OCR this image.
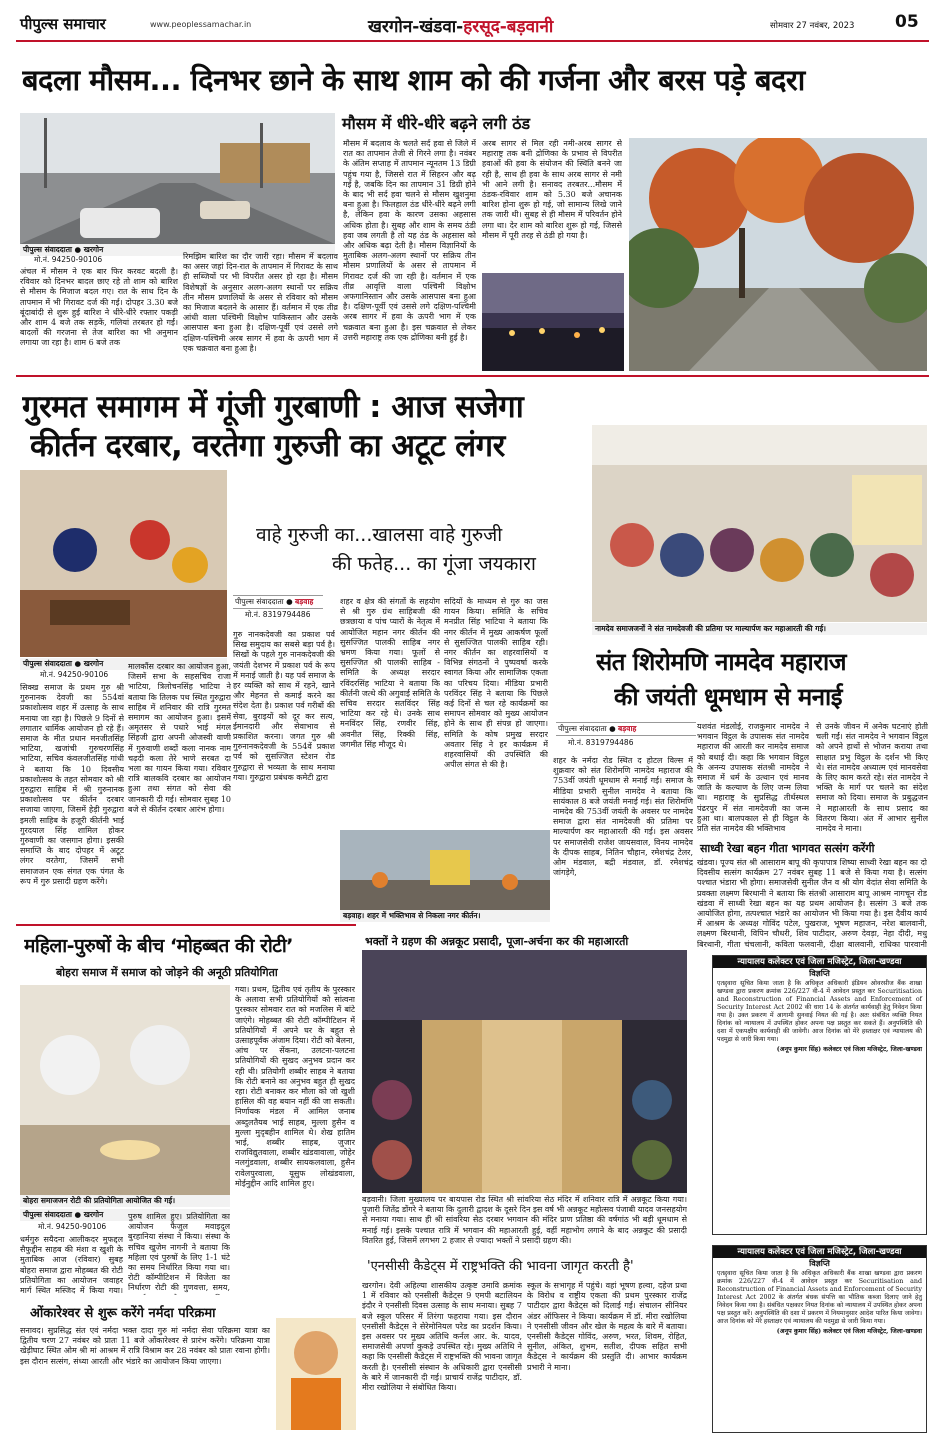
पीपुल्स समाचार	www.peoplessamachar.in	खरगोन-खंडवा-हरसूद-बड़वानी	सोमवार 27 नवंबर, 2023 05
बदला मौसम... दिनभर छाने के साथ शाम को की गर्जना और बरस पड़े बदरा
मौसम में धीरे-धीरे बढ़ने लगी ठंड
पीपुल्स संवाददाता ● खरगोन
मो.नं. 94250-90106
अंचल में मौसम ने एक बार फिर करवट बदली है। रविवार को दिनभर बादल छाए रहे तो शाम को बारिश से मौसम के मिजाज बदल गए। रात के साथ दिन के तापमान में भी गिरावट दर्ज की गई। दोपहर 3.30 बजे बूंदाबांदी से शुरू हुई बारिश ने धीरे-धीरे रफ्तार पकड़ी और शाम 4 बजे तक सड़कें, गलियां तरबतर हो गईं। बादलों की गरजना से तेज बारिश का भी अनुमान लगाया जा रहा है। शाम 6 बजे तक
रिमझिम बारिश का दौर जारी रहा। मौसम में बदलाव का असर जहां दिन-रात के तापमान में गिरावट के साथ ही सब्जियों पर भी विपरीत असर हो रहा है। मौसम विशेषज्ञों के अनुसार अलग-अलग स्थानों पर सक्रिय तीन मौसम प्रणालियों के असर से रविवार को मौसम का मिजाज बदलने के आसार हैं। वर्तमान में एक तीव्र आंधी वाला पश्चिमी विक्षोभ पाकिस्तान और उसके आसपास बना हुआ है। दक्षिण-पूर्वी एवं उससे लगे दक्षिण-पश्चिमी अरब सागर में हवा के ऊपरी भाग में एक चक्रवात बना हुआ है।
मौसम में बदलाव के चलते सर्द हवा से जिले में रात का तापमान तेजी से गिरने लगा है। नवंबर के अंतिम सप्ताह में तापमान न्यूनतम 13 डिग्री पहुंच गया है, जिससे रात में सिहरन और बढ़ गई है, जबकि दिन का तापमान 31 डिग्री होने के बाद भी सर्द हवा चलने से मौसम खुशनुमा बना हुआ है। फिलहाल ठंड धीरे-धीरे बढ़ने लगी है, लेकिन हवा के कारण उसका अहसास अधिक होता है। सुबह और शाम के समय ठंडी हवा जब लगती है तो यह ठंड के अहसास को और अधिक बढ़ा देती है। मौसम विज्ञानियों के मुताबिक अलग-अलग स्थानों पर सक्रिय तीन मौसम प्रणालियों के असर से तापमान में गिरावट दर्ज की जा रही है। वर्तमान में एक तीव्र आवृत्ति वाला पश्चिमी विक्षोभ अफगानिस्तान और उसके आसपास बना हुआ है। दक्षिण-पूर्वी एवं उससे लगे दक्षिण-पश्चिमी अरब सागर में हवा के ऊपरी भाग में एक चक्रवात बना हुआ है। इस चक्रवात से लेकर उत्तरी महाराष्ट्र तक एक द्रोणिका बनी हुई है।
अरब सागर से मिल रही नमी-अरब सागर से महाराष्ट्र तक बनी द्रोणिका के प्रभाव से विपरीत हवाओं की हवा के संयोजन की स्थिति बनने जा रही है, साथ ही हवा के साथ अरब सागर से नमी भी आने लगी है। सनावद तरबतर...मौसम में ठंडक-रविवार शाम को 5.30 बजे अचानक बारिश होना शुरू हो गई, जो सामान्य लिखे जाने तक जारी थी। सुबह से ही मौसम में परिवर्तन होने लगा था। देर शाम को बारिश शुरू हो गई, जिससे मौसम में पूरी तरह से ठंडी हो गया है।
गुरमत समागम में गूंजी गुरबाणी : आज सजेगा
कीर्तन दरबार, वरतेगा गुरुजी का अटूट लंगर
पीपुल्स संवाददाता ● खरगोन
मो.नं. 94250-90106
वाहे गुरुजी का...खालसा वाहे गुरुजी
की फतेह... का गूंजा जयकारा
पीपुल्स संवाददाता ● बड़वाह
मो.नं. 8319794486
सिक्ख समाज के प्रथम गुरु श्री गुरुनानक देवजी का 554वां प्रकाशोत्सव शहर में उत्साह के साथ मनाया जा रहा है। पिछले 9 दिनों से लगातार धार्मिक आयोजन हो रहे हैं। समाज के मीत प्रधान मनजीतसिंह भाटिया, खजांची गुरुचरणसिंह भाटिया, सचिव कंवलजीतसिंह गांधी ने बताया कि 10 दिवसीय प्रकाशोत्सव के तहत सोमवार को श्री गुरुद्वारा साहिब में श्री गुरुनानक प्रकाशोत्सव पर कीर्तन दरबार सजाया जाएगा, जिसमें हेड़ी गुरुद्वारा इमली साहिब के हजूरी कीर्तनी भाई गुरदयाल सिंह शामिल होकर गुरुवाणी का जसगान होगा। इसकी समाप्ति के बाद दोपहर में अटूट लंगर वरतेगा, जिसमें सभी समाजजन एक संगत एक पंगत के रूप में गुरु प्रसादी ग्रहण करेंगे।
मालकौंस दरबार का आयोजन हुआ, जिसमें सभा के सहसचिव राजा भाटिया, त्रिलोचनसिंह भाटिया ने बताया कि तिलक पथ स्थित गुरुद्वारा साहिब में शनिवार की रात्रि गुरमत समागम का आयोजन हुआ। इसमें अमृतसर से पधारे भाई मंगल सिंहजी द्वारा अपनी ओजस्वी वाणी में गुरुवाणी शब्दों कला नानक नाम चढ़दी कला तेरे भाणे सरबत दा भला का गायन किया गया। रविवार रात्रि बालकवि दरबार का आयोजन हुआ तथा संगत को सेवा की जानकारी दी गई। सोमवार सुबह 10 बजे से कीर्तन दरबार आरंभ होगा।
गुरु नानकदेवजी का प्रकाश पर्व सिख समुदाय का सबसे बड़ा पर्व है। सिखों के पहले गुरु नानकदेवजी की जयंती देशभर में प्रकाश पर्व के रूप में मनाई जाती है। यह पर्व समाज के हर व्यक्ति को साथ में रहने, खाने और मेहनत से कमाई करने का संदेश देता है। प्रकाश पर्व गरीबों की सेवा, बुराइयों को दूर कर सत्य, ईमानदारी और सेवाभाव से प्रकाशित करना। जगत गुरु श्री गुरुनानकदेवजी के 554वें प्रकाश पर्व को सुसज्जित स्टेशन रोड गुरुद्वारा से भव्यता के साथ मनाया गया। गुरुद्वारा प्रबंधक कमेटी द्वारा
शहर व क्षेत्र की संगतों के सहयोग से श्री गुरु ग्रंथ साहिबजी की छत्रछाया व पांच प्यारों के नेतृत्व में आयोजित महान नगर कीर्तन की सुसज्जित पालकी साहिब नगर भ्रमण किया गया। फूलों से सुसज्जित श्री पालकी साहिब - समिति के अध्यक्ष सरदार रविंदरसिंह भाटिया ने बताया कि कीर्तनी जत्थे की अगुवाई समिति के सचिव सरदार सतविंदर सिंह भाटिया कर रहे थे। उनके साथ मनविंदर सिंह, रणवीर सिंह, अवनीत सिंह, रिक्की सिंह, जगमीत सिंह मौजूद थे।
सदियों के माध्यम से गुरु का जस गायन किया। समिति के सचिव मनप्रीत सिंह भाटिया ने बताया कि नगर कीर्तन में मुख्य आकर्षण फूलों से सुसज्जित पालकी साहिब रही। नगर कीर्तन का शहरवासियों व विभिन्न संगठनों ने पुष्पवर्षा करके स्वागत किया और सामाजिक एकता का परिचय दिया। मीडिया प्रभारी परविंदर सिंह ने बताया कि पिछले कई दिनों से चल रहे कार्यक्रमों का समापन सोमवार को मुख्य आयोजन होने के साथ ही संपन्न हो जाएगा। समिति के कोष प्रमुख सरदार अवतार सिंह ने हर कार्यक्रम में शहरवासियों की उपस्थिति की अपील संगत से की है।
बड़वाह। शहर में भक्तिभाव से निकला नगर कीर्तन।
नामदेव समाजजनों ने संत नामदेवजी की प्रतिमा पर माल्यार्पण कर महाआरती की गई।
संत शिरोमणि नामदेव महाराज
की जयंती धूमधाम से मनाई
पीपुल्स संवाददाता ● बड़वाह
मो.नं. 8319794486
शहर के नर्मदा रोड स्थित द होटल विल्स में शुक्रवार को संत शिरोमणि नामदेव महाराज की 753वीं जयंती धूमधाम से मनाई गई। समाज के मीडिया प्रभारी सुनील नामदेव ने बताया कि सायंकाल 8 बजे जयंती मनाई गई। संत शिरोमणि नामदेव की 753वीं जयंती के अवसर पर नामदेव समाज द्वारा संत नामदेवजी की प्रतिमा पर माल्यार्पण कर महाआरती की गई। इस अवसर पर समाजसेवी राजेश जायसवाल, विनय नामदेव के दीपक साहब, नितिन चौहान, रमेशचंद्र टेलर, ओम मंडवाल, बद्री मंडवाल, डॉ. रमेशचंद्र जांगड़ेगे,
यशवंत मंडलोई, राजकुमार नामदेव ने भगवान विट्ठल के उपासक संत नामदेव महाराज की आरती कर नामदेव समाज को बधाई दी। कहा कि भगवान विट्ठल के अनन्य उपासक संतश्री नामदेव ने समाज में धर्म के उत्थान एवं मानव जाति के कल्याण के लिए जन्म लिया था। महाराष्ट्र के सुप्रसिद्ध तीर्थस्थल पंढरपुर में संत नामदेवजी का जन्म हुआ था। बालपकाल से ही विट्ठल के प्रति संत नामदेव की भक्तिभाव
से उनके जीवन में अनेक घटनाएं होती चली गईं। संत नामदेव ने भगवान विट्ठल को अपने हाथों से भोजन कराया तथा साक्षात प्रभु विट्ठल के दर्शन भी किए थे। संत नामदेव अध्यात्म एवं मानवसेवा के लिए काम करते रहे। संत नामदेव ने भक्ति के मार्ग पर चलने का संदेश समाज को दिया। समाज के प्रबुद्धजन ने महाआरती के साथ प्रसाद का वितरण किया। अंत में आभार सुनील नामदेव ने माना।
साध्वी रेखा बहन गीता भागवत सत्संग करेंगी
खंडवा। पूज्य संत श्री आसाराम बापू की कृपापात्र शिष्या साध्वी रेखा बहन का दो दिवसीय सत्संग कार्यक्रम 27 नवंबर सुबह 11 बजे से किया गया है। सत्संग पश्चात भंडारा भी होगा। समाजसेवी सुनील जैन व श्री योग वेदांत सेवा समिति के प्रवक्ता लक्ष्मण बिरथानी ने बताया कि संतश्री आसाराम बापू आश्रम नागचून रोड खंडवा में साध्वी रेखा बहन का यह प्रथम आयोजन है। सत्संग 3 बजे तक आयोजित होगा, तत्पश्चात भंडारे का आयोजन भी किया गया है। इस दैवीय कार्य में आश्रम के अध्यक्ष गोविंद पटेल, पुखराज, भूषण महाजन, नरेश बालवानी, लक्ष्मण बिरथानी, विपिन चौधरी, शिव पाटीदार, अरुण देवड़ा, नेहा दीदी, मधु बिरथानी, गीता चंचलानी, कविता फलवानी, दीक्षा बालवानी, राधिका पारवानी
महिला-पुरुषों के बीच ‘मोहब्बत की रोटी’
बोहरा समाज में समाज को जोड़ने की अनूठी प्रतियोगिता
बोहरा समाजजन रोटी की प्रतियोगिता आयोजित की गई।
पीपुल्स संवाददाता ● खरगोन
मो.नं. 94250-90106
धर्मगुरु सयैदना आलीकदर मुफद्दल सैफुद्दीन साहब की मंशा व खुशी के मुताबिक आज (रविवार) सुबह बोहरा समाज द्वारा मोहब्बत की रोटी प्रतियोगिता का आयोजन जवाहर मार्ग स्थित मस्जिद में किया गया।
पुरुष शामिल हुए। प्रतियोगिता का आयोजन फैजुल मवाइदुल बुरहानिया संस्था ने किया। संस्था के सचिव खुजेम नागनी ने बताया कि महिला एवं पुरुषों के लिए 1-1 घंटे का समय निर्धारित किया गया था। रोटी कॉम्पीटिशन में विजेता का निर्धारण रोटी की गुणवत्ता, समय,
गया। प्रथम, द्वितीय एवं तृतीय के पुरस्कार के अलावा सभी प्रतियोगियों को सांत्वना पुरस्कार सोमवार रात को मजलिस में बांटे जाएंगे। मोहब्बत की रोटी कॉम्पीटिशन में प्रतियोगियों में अपने घर के बहुत से उत्साहपूर्वक अंजाम दिया। रोटी को बेलना, आंच पर सेंकना, उलटना-पलटना प्रतियोगियों की सुखद अनुभव प्रदान कर रही थी। प्रतियोगी शब्बीर साहब ने बताया कि रोटी बनाने का अनुभव बहुत ही सुखद रहा। रोटी बनाकर कर मौला को जो खुशी हासिल की वह बयान नहीं की जा सकती। निर्णायक मंडल में आमिल जनाब अब्दुलतैयब भाई साहब, मुल्ला हुसैन व मुल्ला मुदृबहीन शामिल थे। शेख हातिम भाई, शब्बीर साहब, जुजार राजविद्युतवाला, शब्बीर खंडवावाला, जोहेर नलगुंडवाला, शब्बीर सायकलवाला, हुसैन रावेलपुरवाला, यूसुफ लोखंडवाला, मोईनुद्दीन आदि शामिल हुए।
ओंकारेश्वर से शुरू करेंगे नर्मदा परिक्रमा
सनावद। सुप्रसिद्ध संत एवं नर्मदा भक्त दादा गुरु मां नर्मदा सेवा परिक्रमा यात्रा का द्वितीय चरण 27 नवंबर को प्रातः 11 बजे ओंकारेश्वर से प्रारंभ करेंगे। परिक्रमा यात्रा खेड़ीघाट स्थित ओम श्री मां आश्रम में रात्रि विश्राम कर 28 नवंबर को प्रातः रवाना होगी। इस दौरान सत्संग, संध्या आरती और भंडारे का आयोजन किया जाएगा।
भक्तों ने ग्रहण की अन्नकूट प्रसादी, पूजा-अर्चना कर की महाआरती
बड़वानी। जिला मुख्यालय पर बायपास रोड स्थित श्री सांवरिया सेठ मंदिर में शनिवार रात्रि में अन्नकूट किया गया। पुजारी जितेंद्र डोंगरे ने बताया कि दुलारी द्वादश के दूसरे दिन इस वर्ष भी अन्नकूट महोत्सव पंजाबी यादव जनसहयोग से मनाया गया। साथ ही श्री सांवरिया सेठ दरबार भगवान की मंदिर प्राण प्रतिष्ठा की वर्षगांठ भी बड़ी धूमधाम से मनाई गई। इसके पश्चात रात्रि में भगवान की महाआरती हुई, वहीं महाभोग लगाने के बाद अन्नकूट की प्रसादी वितरित हुई, जिसमें लगभग 2 हजार से ज्यादा भक्तों ने प्रसादी ग्रहण की।
'एनसीसी कैडेट्स में राष्ट्रभक्ति की भावना जागृत करती है'
खरगोन। देवी अहिल्या शासकीय उत्कृष्ट उमावि क्रमांक 1 में रविवार को एनसीसी कैडेट्स 9 एमपी बटालियन इंदौर ने एनसीसी दिवस उत्साह के साथ मनाया। सुबह 7 बजे स्कूल परिसर में तिरंगा फहराया गया। इस दौरान एनसीसी कैडेट्स ने सेरेमोनियल परेड का प्रदर्शन किया। इस अवसर पर मुख्य अतिथि कर्नल आर. के. यादव, समाजसेवी अपर्णा कुकड़े उपस्थित रहे। मुख्य अतिथि ने कहा कि एनसीसी कैडेट्स में राष्ट्रभक्ति की भावना जागृत करती है। एनसीसी संस्थान के अधिकारी द्वारा एनसीसी के बारे में जानकारी दी गई। प्राचार्य राजेंद्र पाटीदार, डॉ. मीरा रखोलिया ने संबोधित किया।
स्कूल के सभागृह में पहुंचे। वहां भूषण हल्वा, दहेज प्रथा के विरोध व राष्ट्रीय एकता की प्रथम पुरस्कार राजेंद्र पाटीदार द्वारा कैडेट्स को दिलाई गई। संचालन सीनियर अंडर ऑफिसर ने किया। कार्यक्रम में डॉ. मीरा रखोलिया ने एनसीसी जीवन और खेल के महत्व के बारे में बताया। एनसीसी कैडेट्स गोविंद, अरुण, भरत, शिवम, रोहित, सुनील, अंकित, शुभम, सतीश, दीपक सहित सभी कैडेट्स ने कार्यक्रम की प्रस्तुति दी। आभार कार्यक्रम प्रभारी ने माना।
न्यायालय कलेक्टर एवं जिला मजिस्ट्रेट, जिला-खण्डवा
विज्ञप्ति
एतद्द्वारा सूचित किया जाता है कि अधिकृत अधिकारी इंडियन ओवरसीज बैंक शाखा खण्डवा द्वारा प्रकरण क्रमांक 226/227 वी-4 में आवेदन प्रस्तुत कर Securitisation and Reconstruction of Financial Assets and Enforcement of Security Interest Act 2002 की धारा 14 के अंतर्गत कार्यवाही हेतु निवेदन किया गया है। उक्त प्रकरण में आगामी सुनवाई नियत की गई है। अतः संबंधित व्यक्ति नियत दिनांक को न्यायालय में उपस्थित होकर अपना पक्ष प्रस्तुत कर सकते हैं। अनुपस्थिति की दशा में एकपक्षीय कार्यवाही की जावेगी। आज दिनांक को मेरे हस्ताक्षर एवं न्यायालय की पदमुद्रा से जारी किया गया।
(अनूप कुमार सिंह) कलेक्टर एवं जिला मजिस्ट्रेट, जिला-खण्डवा
न्यायालय कलेक्टर एवं जिला मजिस्ट्रेट, जिला-खण्डवा
विज्ञप्ति
एतद्द्वारा सूचित किया जाता है कि अधिकृत अधिकारी बैंक शाखा खण्डवा द्वारा प्रकरण क्रमांक 226/227 वी-4 में आवेदन प्रस्तुत कर Securitisation and Reconstruction of Financial Assets and Enforcement of Security Interest Act 2002 के अंतर्गत बंधक संपत्ति का भौतिक कब्जा दिलाए जाने हेतु निवेदन किया गया है। संबंधित पक्षकार नियत दिनांक को न्यायालय में उपस्थित होकर अपना पक्ष प्रस्तुत करें। अनुपस्थिति की दशा में प्रकरण में नियमानुसार आदेश पारित किया जावेगा। आज दिनांक को मेरे हस्ताक्षर एवं न्यायालय की पदमुद्रा से जारी किया गया।
(अनूप कुमार सिंह) कलेक्टर एवं जिला मजिस्ट्रेट, जिला-खण्डवा
